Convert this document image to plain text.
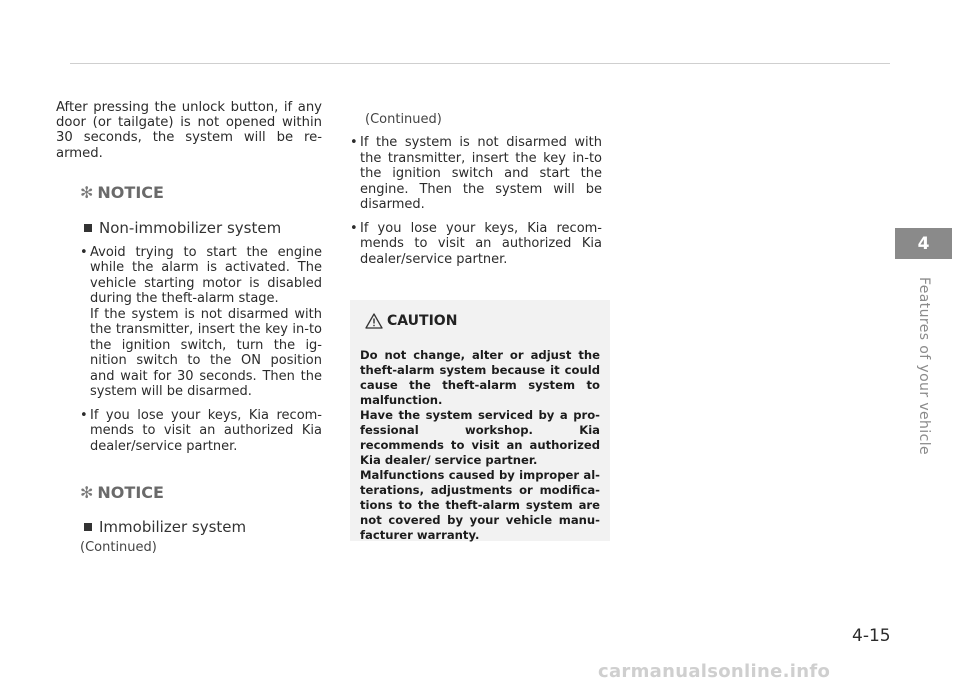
After pressing the unlock button, if any door (or tailgate) is not opened within 30 seconds, the system will be re-armed.

✻ NOTICE
Non-immobilizer system
• Avoid trying to start the engine while the alarm is activated. The vehicle starting motor is disabled during the theft-alarm stage.

If the system is not disarmed with the transmitter, insert the key in-to the ignition switch, turn the ig-nition switch to the ON position and wait for 30 seconds. Then the system will be disarmed.

• If you lose your keys, Kia recom-mends to visit an authorized Kia dealer/service partner.

✻ NOTICE
Immobilizer system
(Continued)
(Continued)
• If the system is not disarmed with the transmitter, insert the key in-to the ignition switch and start the engine. Then the system will be disarmed.

• If you lose your keys, Kia recom-mends to visit an authorized Kia dealer/service partner.

CAUTION

Do not change, alter or adjust the theft-alarm system because it could cause the theft-alarm system to malfunction.

Have the system serviced by a pro-fessional workshop. Kia recommends to visit an authorized Kia dealer/ service partner.

Malfunctions caused by improper al-terations, adjustments or modifica-tions to the theft-alarm system are not covered by your vehicle manu-facturer warranty.

4
Features of your vehicle
4-15
carmanualsonline.info
